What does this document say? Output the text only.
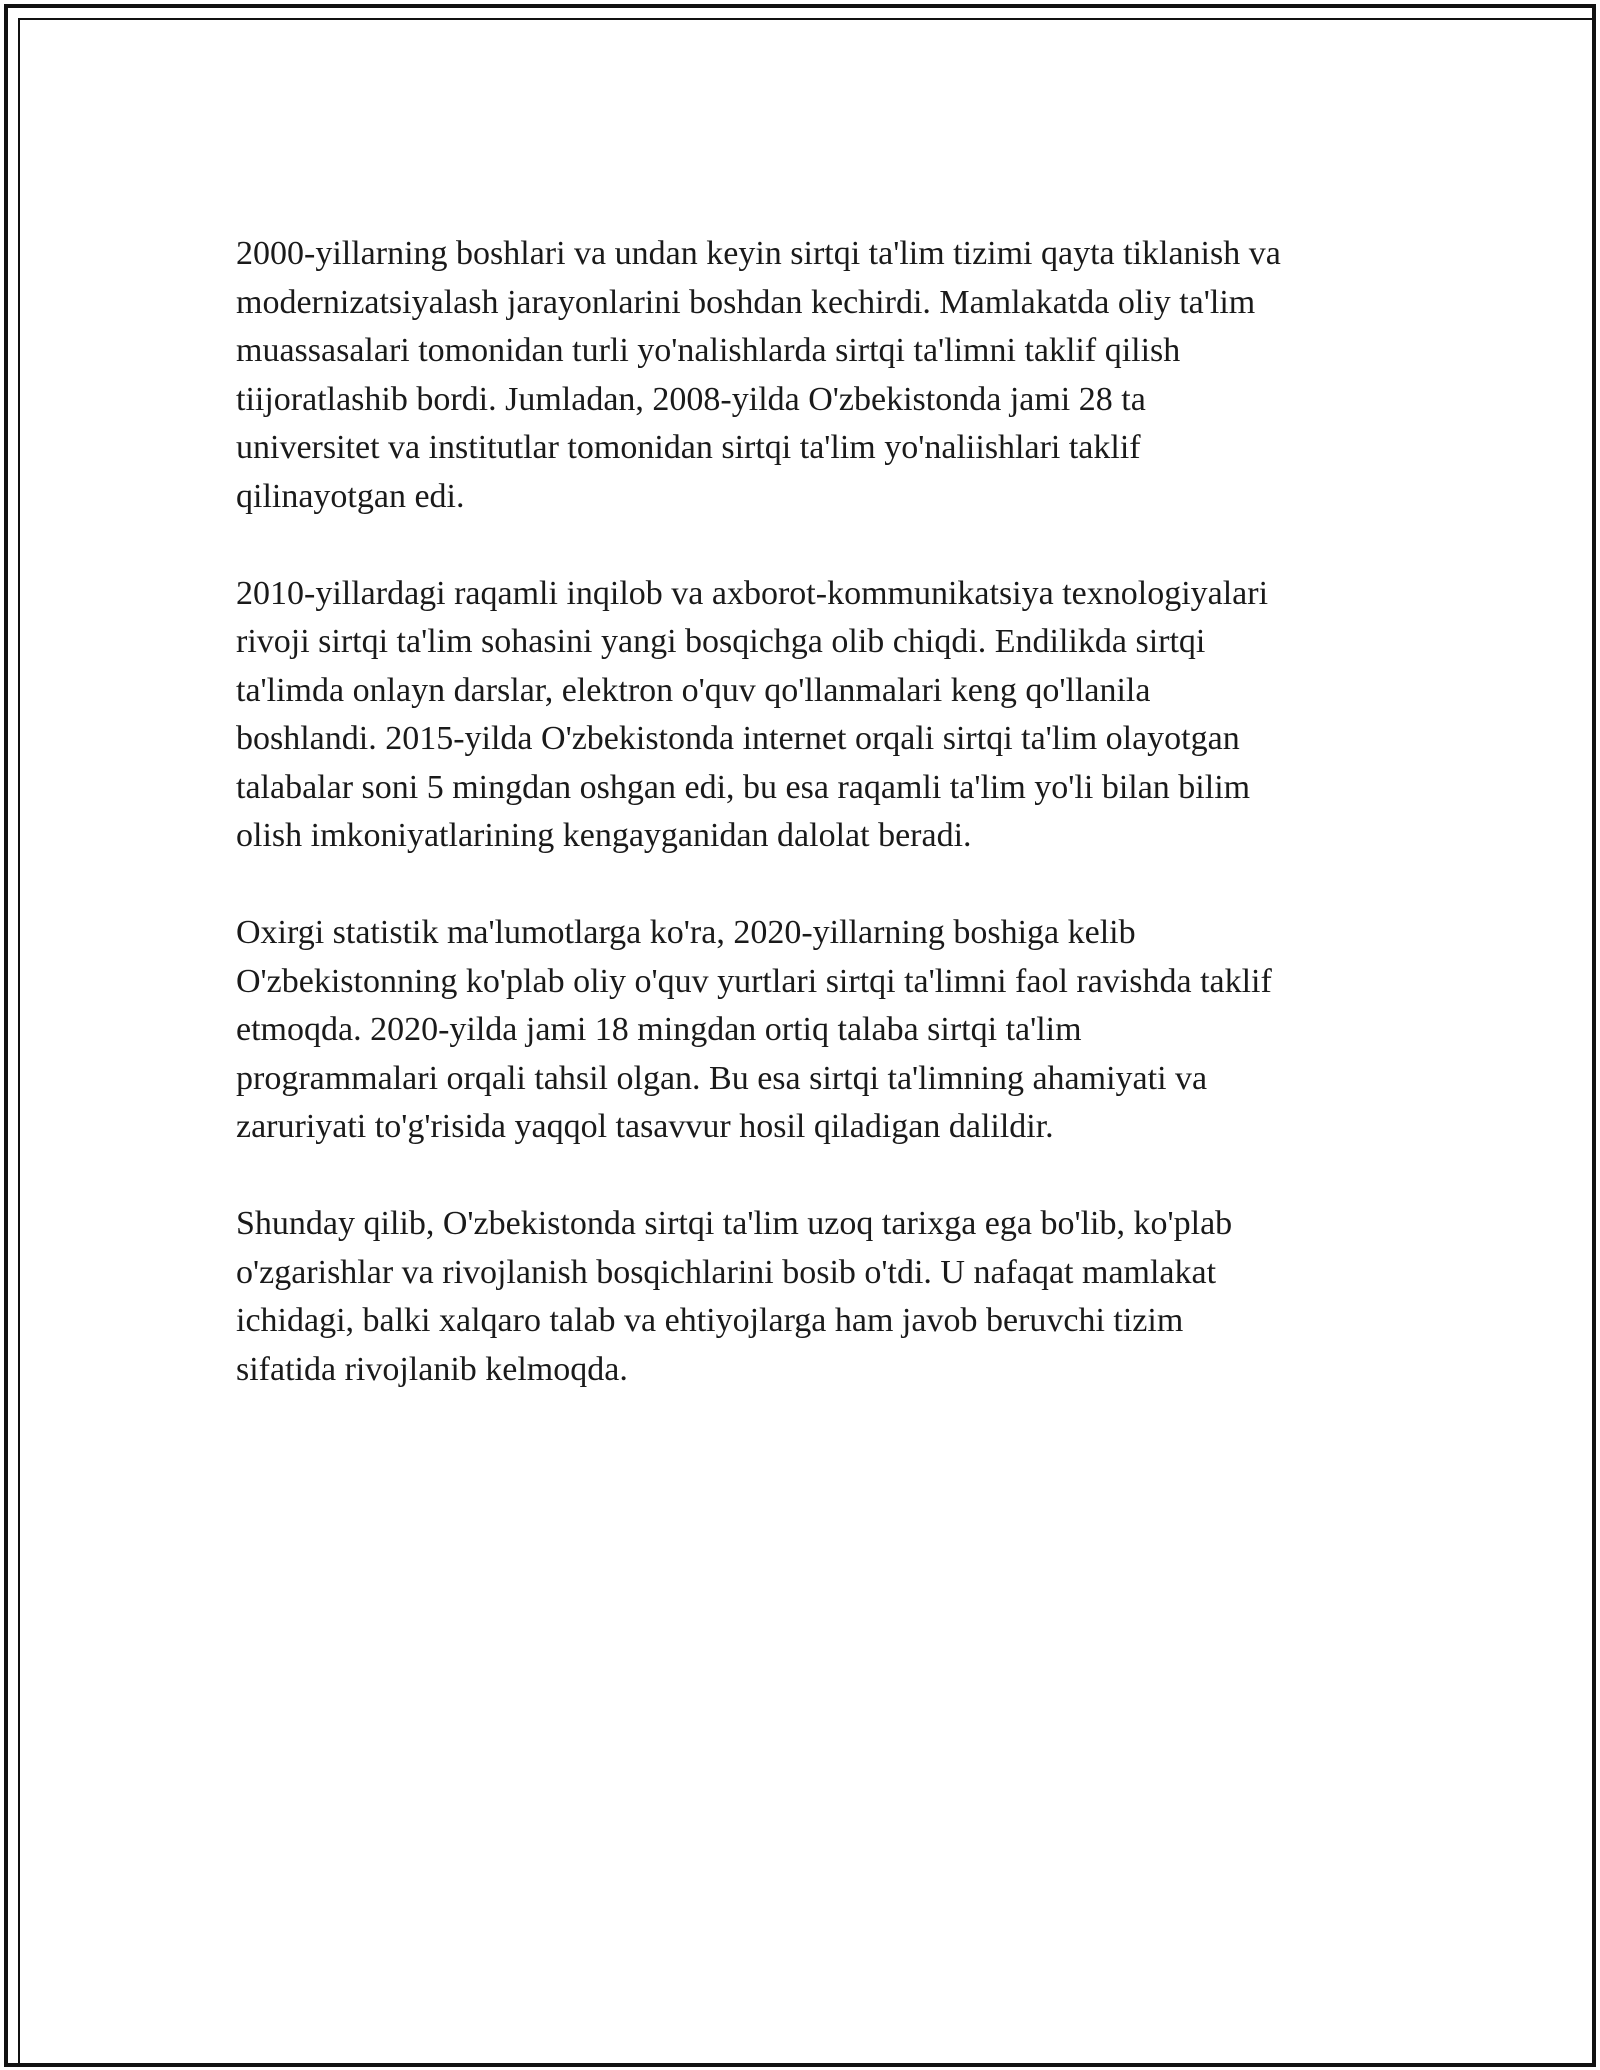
2000-yillarning boshlari va undan keyin sirtqi ta'lim tizimi qayta tiklanish va
modernizatsiyalash jarayonlarini boshdan kechirdi. Mamlakatda oliy ta'lim
muassasalari tomonidan turli yo'nalishlarda sirtqi ta'limni taklif qilish
tiijoratlashib bordi. Jumladan, 2008-yilda O'zbekistonda jami 28 ta
universitet va institutlar tomonidan sirtqi ta'lim yo'naliishlari taklif
qilinayotgan edi.

2010-yillardagi raqamli inqilob va axborot-kommunikatsiya texnologiyalari
rivoji sirtqi ta'lim sohasini yangi bosqichga olib chiqdi. Endilikda sirtqi
ta'limda onlayn darslar, elektron o'quv qo'llanmalari keng qo'llanila
boshlandi. 2015-yilda O'zbekistonda internet orqali sirtqi ta'lim olayotgan
talabalar soni 5 mingdan oshgan edi, bu esa raqamli ta'lim yo'li bilan bilim
olish imkoniyatlarining kengayganidan dalolat beradi.

Oxirgi statistik ma'lumotlarga ko'ra, 2020-yillarning boshiga kelib
O'zbekistonning ko'plab oliy o'quv yurtlari sirtqi ta'limni faol ravishda taklif
etmoqda. 2020-yilda jami 18 mingdan ortiq talaba sirtqi ta'lim
programmalari orqali tahsil olgan. Bu esa sirtqi ta'limning ahamiyati va
zaruriyati to'g'risida yaqqol tasavvur hosil qiladigan dalildir.

Shunday qilib, O'zbekistonda sirtqi ta'lim uzoq tarixga ega bo'lib, ko'plab
o'zgarishlar va rivojlanish bosqichlarini bosib o'tdi. U nafaqat mamlakat
ichidagi, balki xalqaro talab va ehtiyojlarga ham javob beruvchi tizim
sifatida rivojlanib kelmoqda.
